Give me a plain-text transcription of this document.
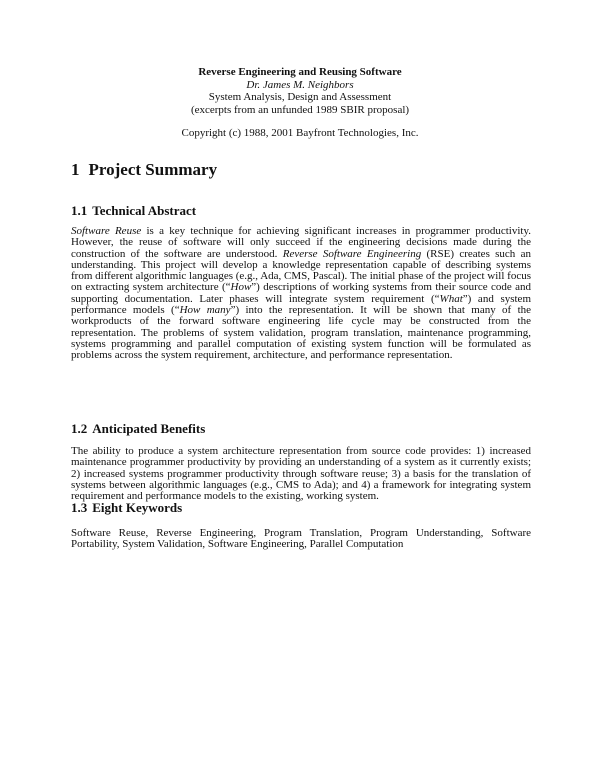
Reverse Engineering and Reusing Software
Dr. James M. Neighbors
System Analysis, Design and Assessment
(excerpts from an unfunded 1989 SBIR proposal)
Copyright (c) 1988, 2001 Bayfront Technologies, Inc.
1 Project Summary
1.1 Technical Abstract

Software Reuse is a key technique for achieving significant increases in programmer productivity. However, the reuse of software will only succeed if the engineering decisions made during the construction of the software are understood. Reverse Software Engineering (RSE) creates such an understanding. This project will develop a knowledge representation capable of describing systems from different algorithmic languages (e.g., Ada, CMS, Pascal). The initial phase of the project will focus on extracting system architecture (“How”) descriptions of working systems from their source code and supporting documentation. Later phases will integrate system requirement (“What”) and system performance models (“How many”) into the representation. It will be shown that many of the workproducts of the forward software engineering life cycle may be constructed from the representation. The problems of system validation, program translation, maintenance programming, systems programming and parallel computation of existing system function will be formulated as problems across the system requirement, architecture, and performance representation.

1.2 Anticipated Benefits

The ability to produce a system architecture representation from source code provides: 1) increased maintenance programmer productivity by providing an understanding of a system as it currently exists; 2) increased systems programmer productivity through software reuse; 3) a basis for the translation of systems between algorithmic languages (e.g., CMS to Ada); and 4) a framework for integrating system requirement and performance models to the existing, working system.

1.3 Eight Keywords

Software Reuse, Reverse Engineering, Program Translation, Program Understanding, Software Portability, System Validation, Software Engineering, Parallel Computation
